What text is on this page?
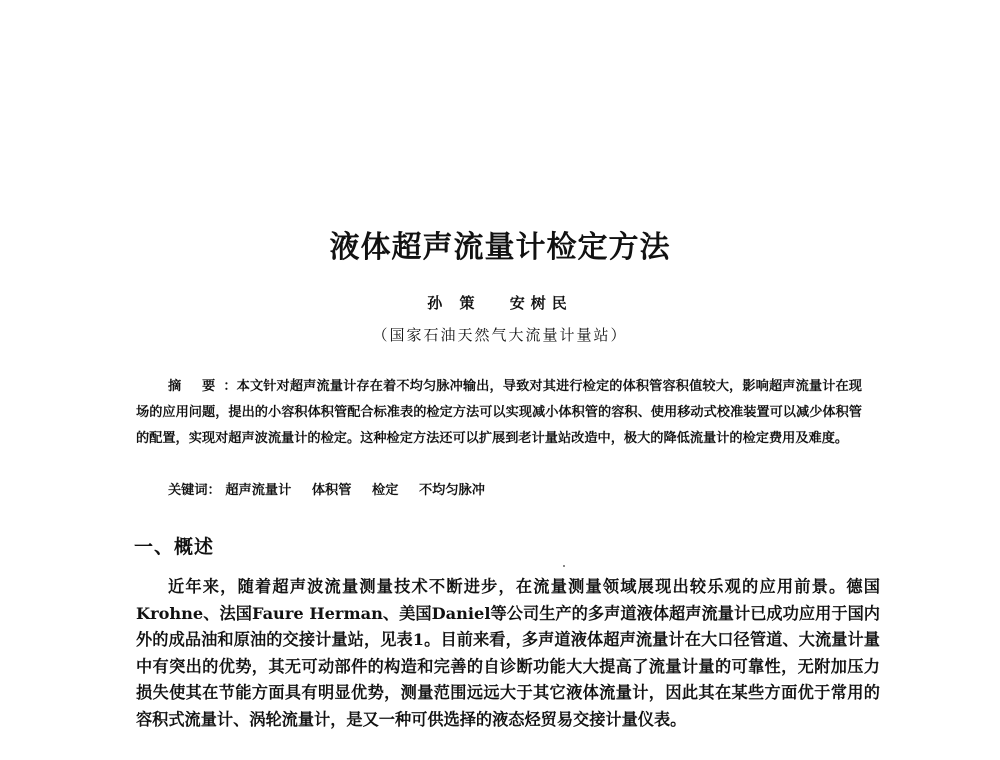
液体超声流量计检定方法
孙 策 安树民
（国家石油天然气大流量计量站）
摘 要：本文针对超声流量计存在着不均匀脉冲输出，导致对其进行检定的体积管容积值较大，影响超声流量计在现场的应用问题，提出的小容积体积管配合标准表的检定方法可以实现减小体积管的容积、使用移动式校准装置可以减少体积管的配置，实现对超声波流量计的检定。这种检定方法还可以扩展到老计量站改造中，极大的降低流量计的检定费用及难度。
关键词： 超声流量计 体积管 检定 不均匀脉冲
一、概述
近年来，随着超声波流量测量技术不断进步，在流量测量领域展现出较乐观的应用前景。德国Krohne、法国Faure Herman、美国Daniel等公司生产的多声道液体超声流量计已成功应用于国内外的成品油和原油的交接计量站，见表1。目前来看，多声道液体超声流量计在大口径管道、大流量计量中有突出的优势，其无可动部件的构造和完善的自诊断功能大大提高了流量计量的可靠性，无附加压力损失使其在节能方面具有明显优势，测量范围远远大于其它液体流量计，因此其在某些方面优于常用的容积式流量计、涡轮流量计，是又一种可供选择的液态烃贸易交接计量仪表。
